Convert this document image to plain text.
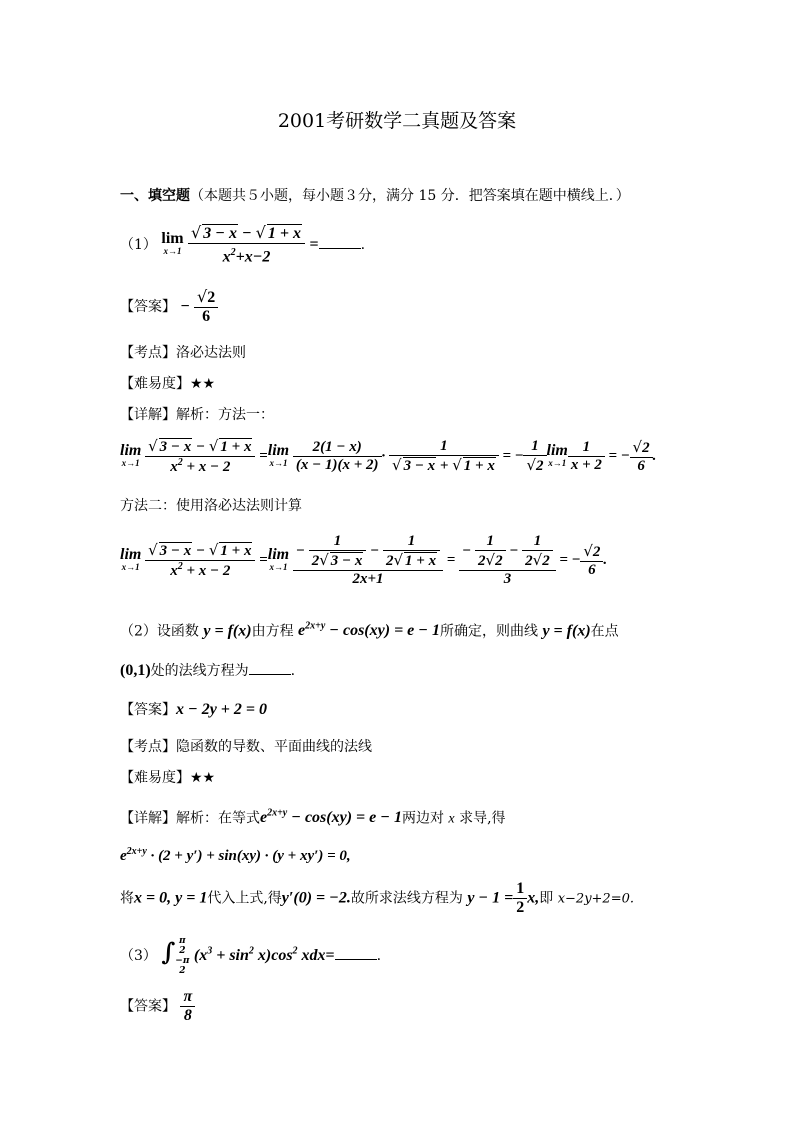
2001考研数学二真题及答案
一、填空题（本题共５小题，每小题３分，满分 15 分．把答案填在题中横线上．）
（1） lim
x→1
$\frac{√ 3 - x - √ 1 + x}{x^2+x-2}$ =	.
【答案】 − $\frac{√2}{6}$
【考点】洛必达法则
【难易度】★★
【详解】解析：方法一：
lim
x→1
$\frac{√ 3 - x - √ 1 + x}{x^2 + x - 2} = \lim$
x→1
$\frac{2(1 - x)}{(x - 1)(x + 2)} \cdot \frac{1}{√ 3 - x + √ 1 + x}$ = − $\frac{1}{√2}$ lim
$x\to 1 \frac{1}{x + 2}$ = − $\frac{√2}{6}$ .
方法二：使用洛必达法则计算
lim
x→1
$\frac{√ 3 - x - √ 1 + x}{x^2 + x - 2} = \lim$
x→1
$\frac{- \frac{1}{2√ 3 - x} - \frac{1}{2√ 1 + x}}{2x+1} = \frac{- \frac{1}{2√2} - \frac{1}{2√2}}{3}$ = − $\frac{√2}{6}$ .
（2）设函数 y = f(x)由方程 $e^{2x+y} - \cos(xy) = e - 1$所确定，则曲线 y = f(x)在点
(0,1)处的法线方程为	.
【答案】x − 2y + 2 = 0
【考点】隐函数的导数、平面曲线的法线
【难易度】★★
【详解】解析：在等式$e^{2x+y} - \cos(xy) = e - 1$两边对 x 求导,得
$e^{2x+y} \cdot (2 + y') + \sin(xy) \cdot (y + xy') = 0$,
将x = 0, y = 1代入上式,得y′(0) = −2.故所求法线方程为 $y - 1 = \frac{1}{2} x$,即 x−2y+2=0.
（3） ∫ π
2
−π
2
$(x^3 + \sin^2 x)\cos^2$ xdx=	.
【答案】 $\frac{\pi}{8}$
